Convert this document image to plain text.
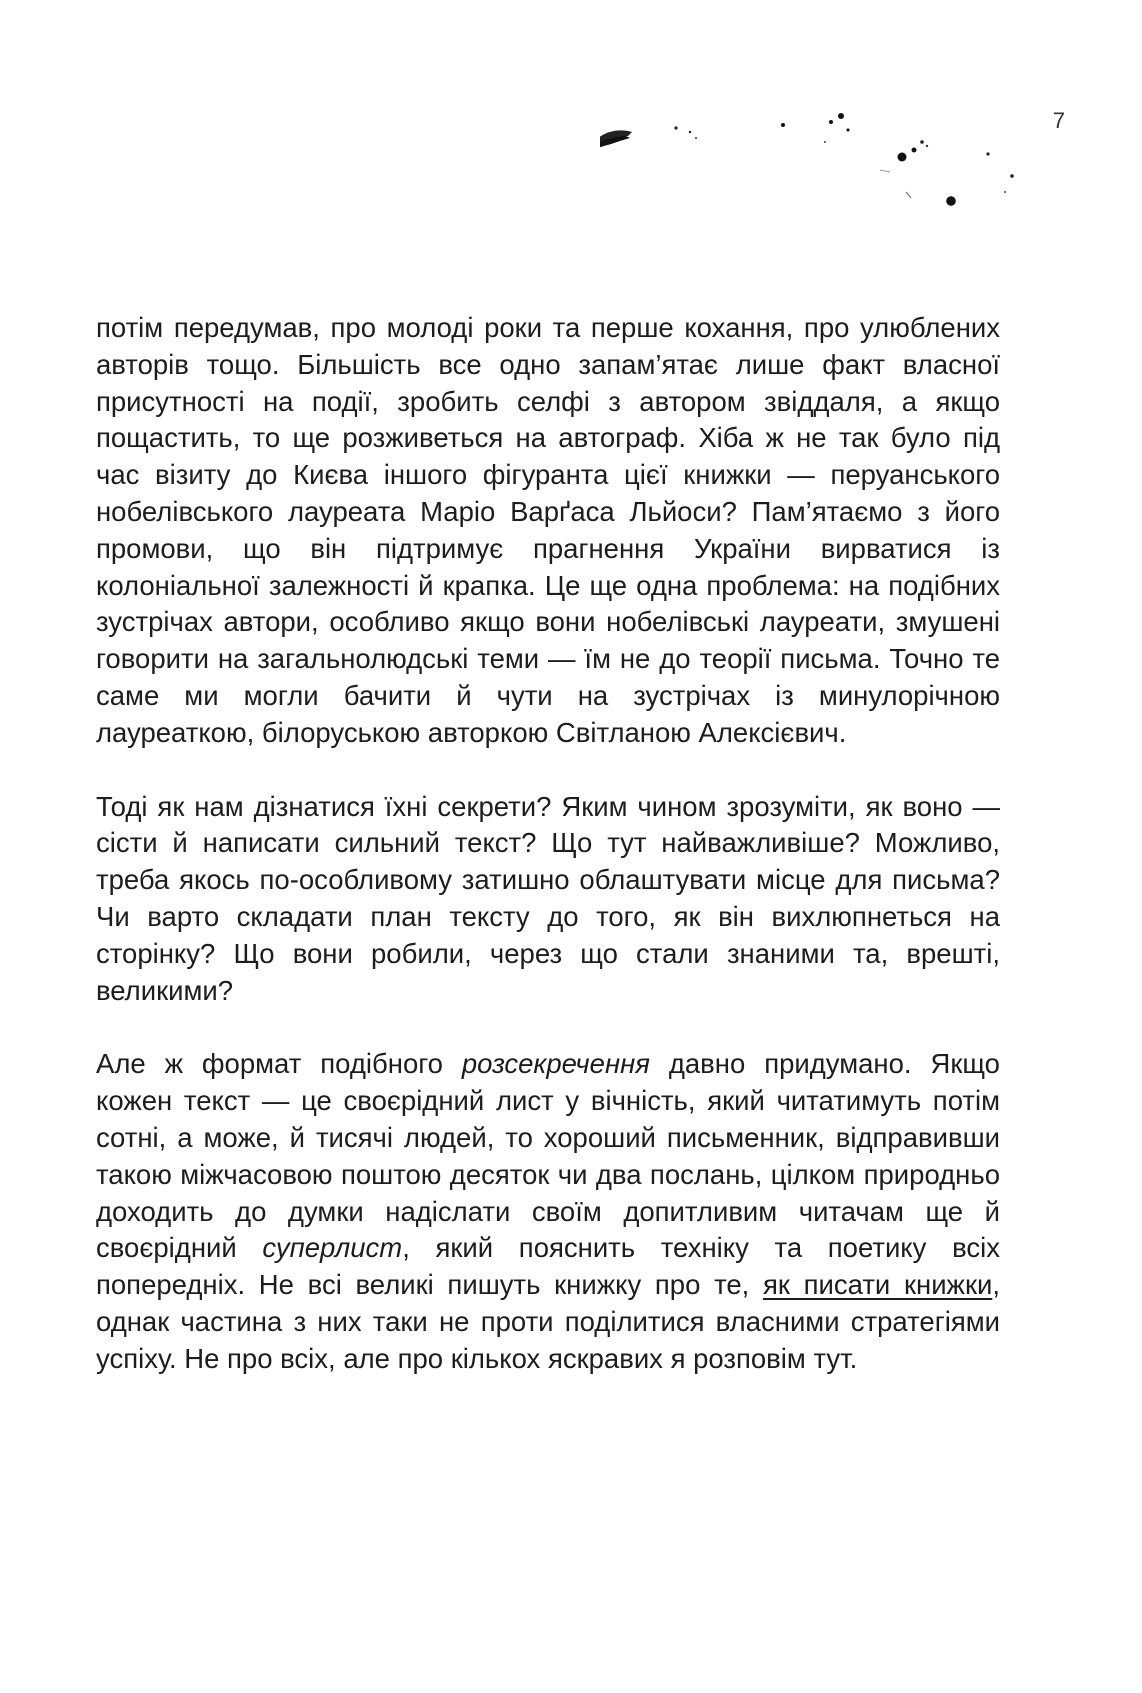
7

потім передумав, про молоді роки та перше кохання, про улюблених авторів тощо. Більшість все одно запам’ятає лише факт власної присутності на події, зробить селфі з автором звіддаля, а якщо пощастить, то ще розживеться на автограф. Хіба ж не так було під час візиту до Києва іншого фігуранта цієї книжки — перуанського нобелівського лауреата Маріо Варґаса Льйоси? Пам’ятаємо з його промови, що він підтримує прагнення України вирватися із колоніальної залежності й крапка. Це ще одна проблема: на подібних зустрічах автори, особливо якщо вони нобелівські лауреати, змушені говорити на загальнолюдські теми — їм не до теорії письма. Точно те саме ми могли бачити й чути на зустрічах із минулорічною лауреаткою, білоруською авторкою Світланою Алексієвич.

Тоді як нам дізнатися їхні секрети? Яким чином зрозуміти, як воно — сісти й написати сильний текст? Що тут найважливіше? Можливо, треба якось по-особливому затишно облаштувати місце для письма? Чи варто складати план тексту до того, як він вихлюпнеться на сторінку? Що вони робили, через що стали знаними та, врешті, великими?

Але ж формат подібного розсекречення давно придумано. Якщо кожен текст — це своєрідний лист у вічність, який читатимуть потім сотні, а може, й тисячі людей, то хороший письменник, відправивши такою міжчасовою поштою десяток чи два послань, цілком природньо доходить до думки надіслати своїм допитливим читачам ще й своєрідний суперлист, який пояснить техніку та поетику всіх попередніх. Не всі великі пишуть книжку про те, як писати книжки, однак частина з них таки не проти поділитися власними стратегіями успіху. Не про всіх, але про кількох яскравих я розповім тут.
